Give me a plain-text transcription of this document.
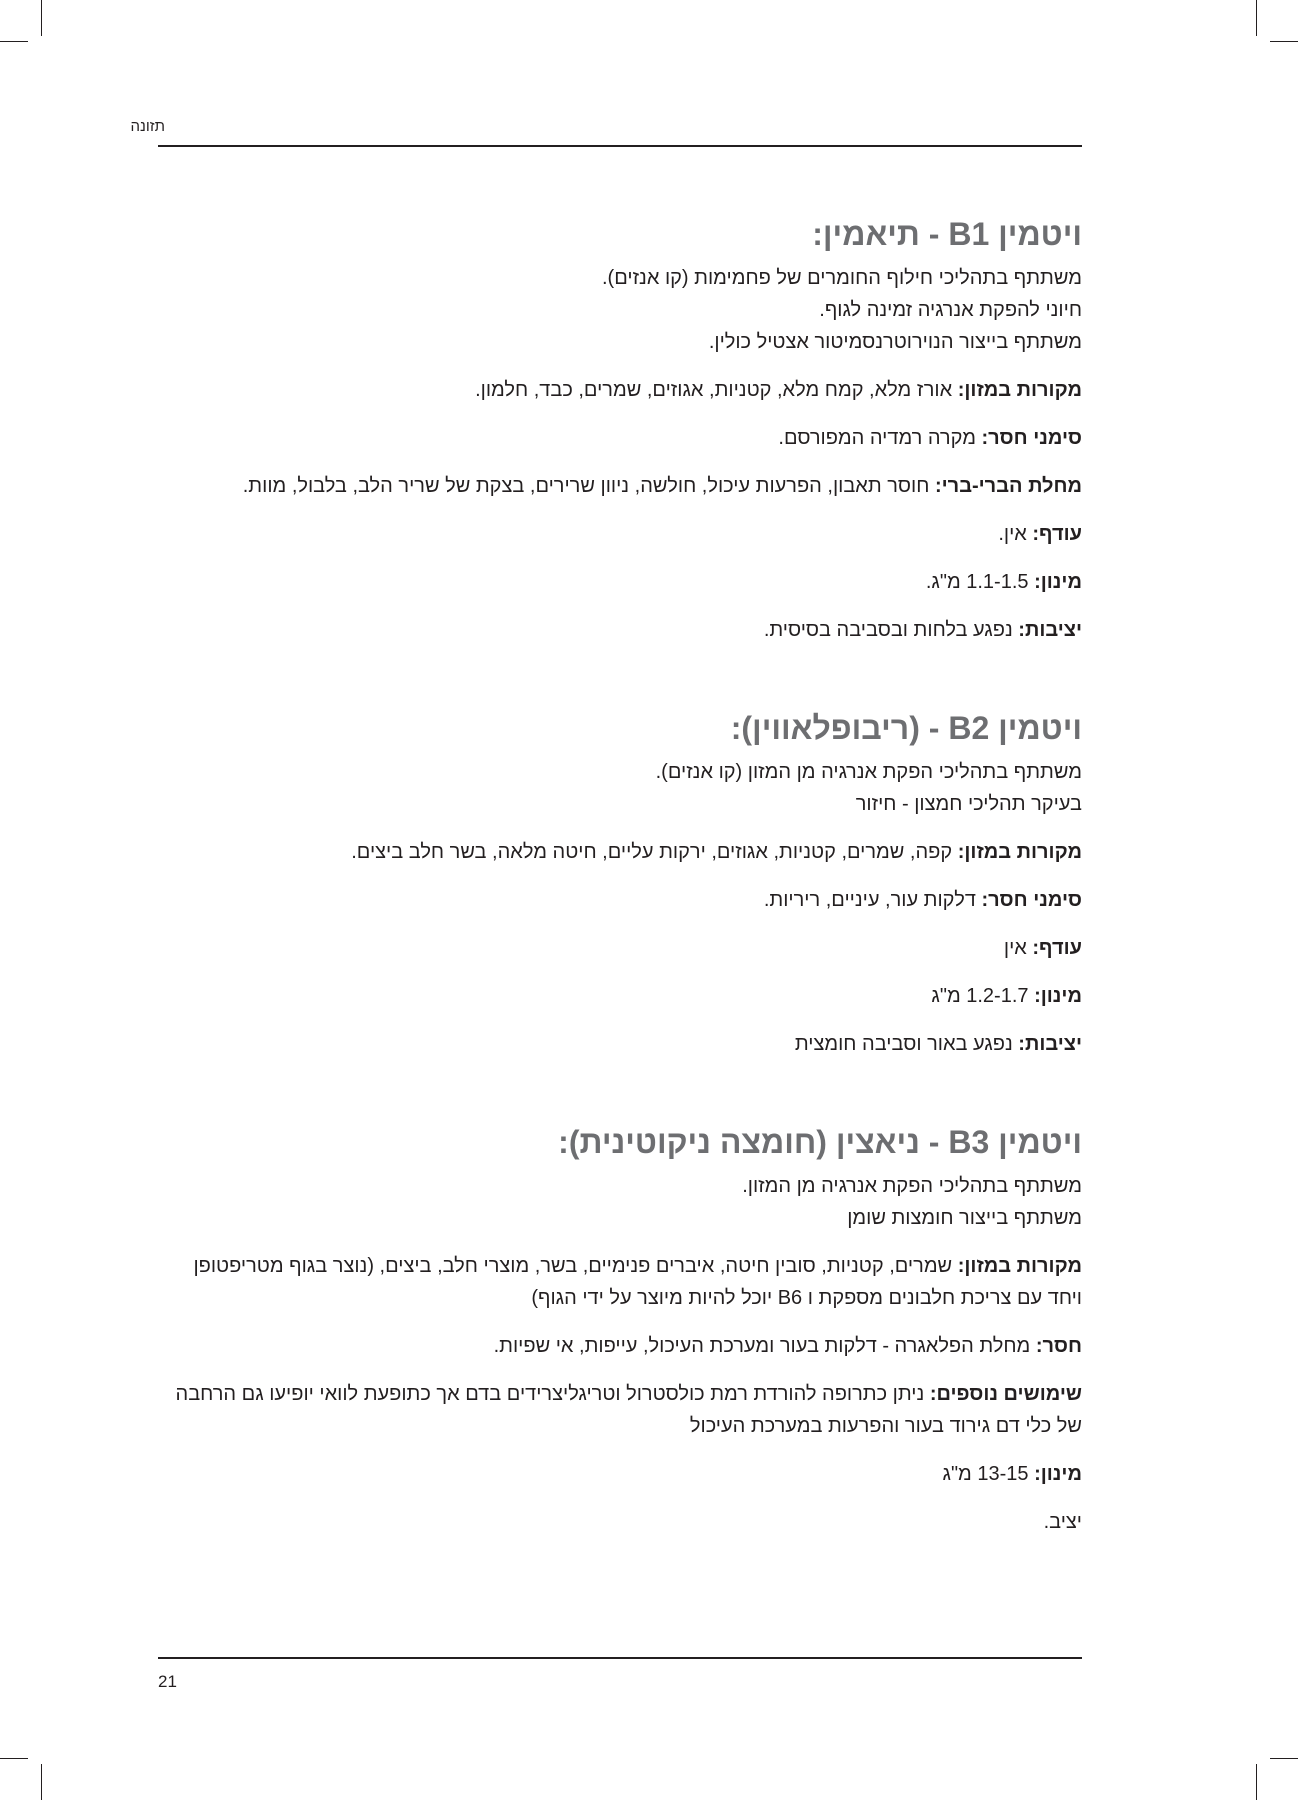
תזונה
ויטמין B1 - תיאמין:
משתתף בתהליכי חילוף החומרים של פחמימות (קו אנזים).
חיוני להפקת אנרגיה זמינה לגוף.
משתתף בייצור הנוירוטרנסמיטור אצטיל כולין.
מקורות במזון: אורז מלא, קמח מלא, קטניות, אגוזים, שמרים, כבד, חלמון.
סימני חסר: מקרה רמדיה המפורסם.
מחלת הברי-ברי: חוסר תאבון, הפרעות עיכול, חולשה, ניוון שרירים, בצקת של שריר הלב, בלבול, מוות.
עודף: אין.
מינון: 1.1-1.5 מ"ג.
יציבות: נפגע בלחות ובסביבה בסיסית.
ויטמין B2 - (ריבופלאווין):
משתתף בתהליכי הפקת אנרגיה מן המזון (קו אנזים).
בעיקר תהליכי חמצון - חיזור
מקורות במזון: קפה, שמרים, קטניות, אגוזים, ירקות עליים, חיטה מלאה, בשר חלב ביצים.
סימני חסר: דלקות עור, עיניים, ריריות.
עודף: אין
מינון: 1.2-1.7 מ"ג
יציבות: נפגע באור וסביבה חומצית
ויטמין B3 - ניאצין (חומצה ניקוטינית):
משתתף בתהליכי הפקת אנרגיה מן המזון.
משתתף בייצור חומצות שומן
מקורות במזון: שמרים, קטניות, סובין חיטה, איברים פנימיים, בשר, מוצרי חלב, ביצים, (נוצר בגוף מטריפטופן ויחד עם צריכת חלבונים מספקת ו B6 יוכל להיות מיוצר על ידי הגוף)
חסר: מחלת הפלאגרה - דלקות בעור ומערכת העיכול, עייפות, אי שפיות.
שימושים נוספים: ניתן כתרופה להורדת רמת כולסטרול וטריגליצרידים בדם אך כתופעת לוואי יופיעו גם הרחבה של כלי דם גירוד בעור והפרעות במערכת העיכול
מינון: 13-15 מ"ג
יציב.
21
